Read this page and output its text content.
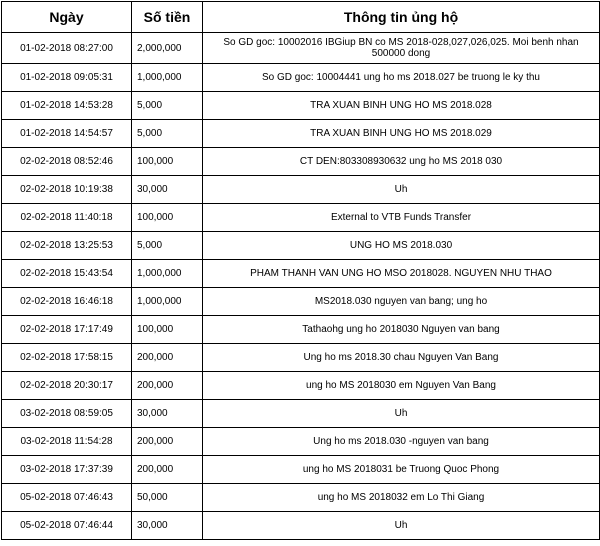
Ngày	Số tiền	Thông tin ủng hộ
01-02-2018 08:27:00	2,000,000	So GD goc: 10002016 IBGiup BN co MS 2018-028,027,026,025. Moi benh nhan 500000 dong
01-02-2018 09:05:31	1,000,000	So GD goc: 10004441 ung ho ms 2018.027 be truong le ky thu
01-02-2018 14:53:28	5,000	TRA XUAN BINH UNG HO MS 2018.028
01-02-2018 14:54:57	5,000	TRA XUAN BINH UNG HO MS 2018.029
02-02-2018 08:52:46	100,000	CT DEN:803308930632 ung ho MS 2018 030
02-02-2018 10:19:38	30,000	Uh
02-02-2018 11:40:18	100,000	External to VTB Funds Transfer
02-02-2018 13:25:53	5,000	UNG HO MS 2018.030
02-02-2018 15:43:54	1,000,000	PHAM THANH VAN UNG HO MSO 2018028. NGUYEN NHU THAO
02-02-2018 16:46:18	1,000,000	MS2018.030 nguyen van bang; ung ho
02-02-2018 17:17:49	100,000	Tathaohg ung ho 2018030 Nguyen van bang
02-02-2018 17:58:15	200,000	Ung ho ms 2018.30 chau Nguyen Van Bang
02-02-2018 20:30:17	200,000	ung ho MS 2018030 em Nguyen Van Bang
03-02-2018 08:59:05	30,000	Uh
03-02-2018 11:54:28	200,000	Ung ho ms 2018.030 -nguyen van bang
03-02-2018 17:37:39	200,000	ung ho MS 2018031 be Truong Quoc Phong
05-02-2018 07:46:43	50,000	ung ho MS 2018032 em Lo Thi Giang
05-02-2018 07:46:44	30,000	Uh
